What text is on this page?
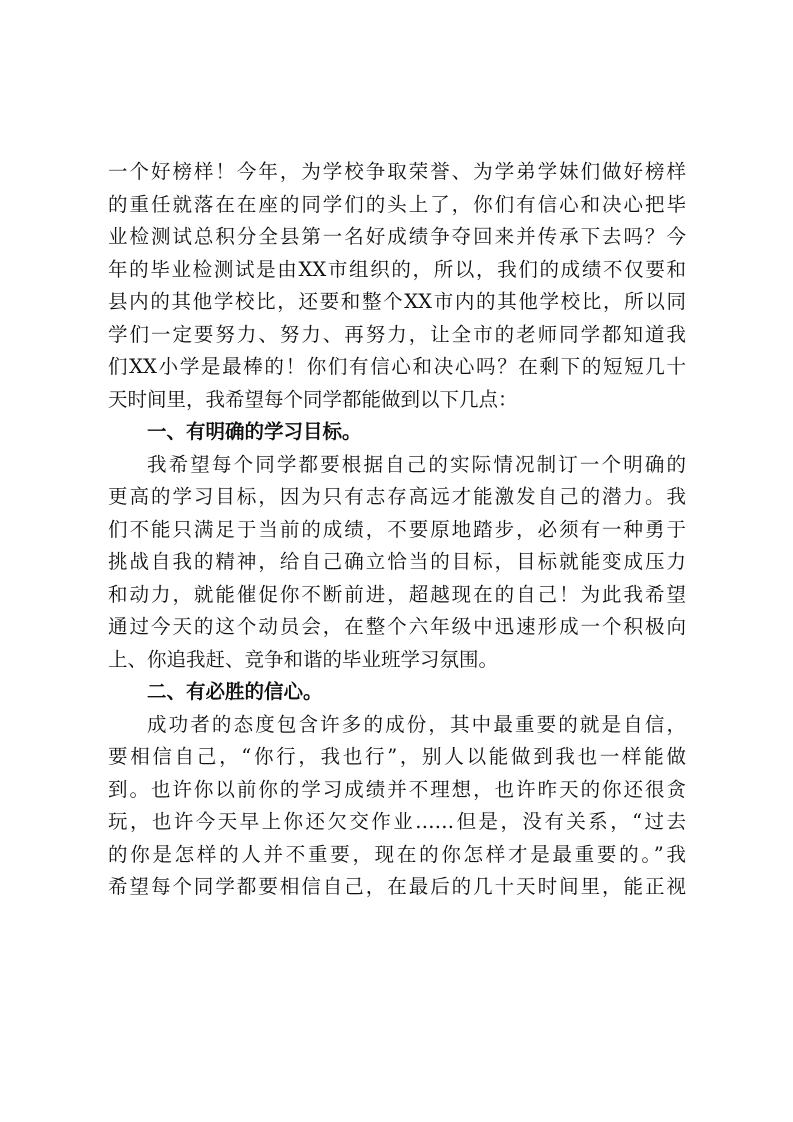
一个好榜样！今年，为学校争取荣誉、为学弟学妹们做好榜样
的重任就落在在座的同学们的头上了，你们有信心和决心把毕
业检测试总积分全县第一名好成绩争夺回来并传承下去吗？今
年的毕业检测试是由XX市组织的，所以，我们的成绩不仅要和
县内的其他学校比，还要和整个XX市内的其他学校比，所以同
学们一定要努力、努力、再努力，让全市的老师同学都知道我
们XX小学是最棒的！你们有信心和决心吗？在剩下的短短几十
天时间里，我希望每个同学都能做到以下几点：
一、有明确的学习目标。
我希望每个同学都要根据自己的实际情况制订一个明确的
更高的学习目标，因为只有志存高远才能激发自己的潜力。我
们不能只满足于当前的成绩，不要原地踏步，必须有一种勇于
挑战自我的精神，给自己确立恰当的目标，目标就能变成压力
和动力，就能催促你不断前进，超越现在的自己！为此我希望
通过今天的这个动员会，在整个六年级中迅速形成一个积极向
上、你追我赶、竞争和谐的毕业班学习氛围。
二、有必胜的信心。
成功者的态度包含许多的成份，其中最重要的就是自信，
要相信自己，“你行，我也行”，别人以能做到我也一样能做
到。也许你以前你的学习成绩并不理想，也许昨天的你还很贪
玩，也许今天早上你还欠交作业……但是，没有关系，“过去
的你是怎样的人并不重要，现在的你怎样才是最重要的。”我
希望每个同学都要相信自己，在最后的几十天时间里，能正视
